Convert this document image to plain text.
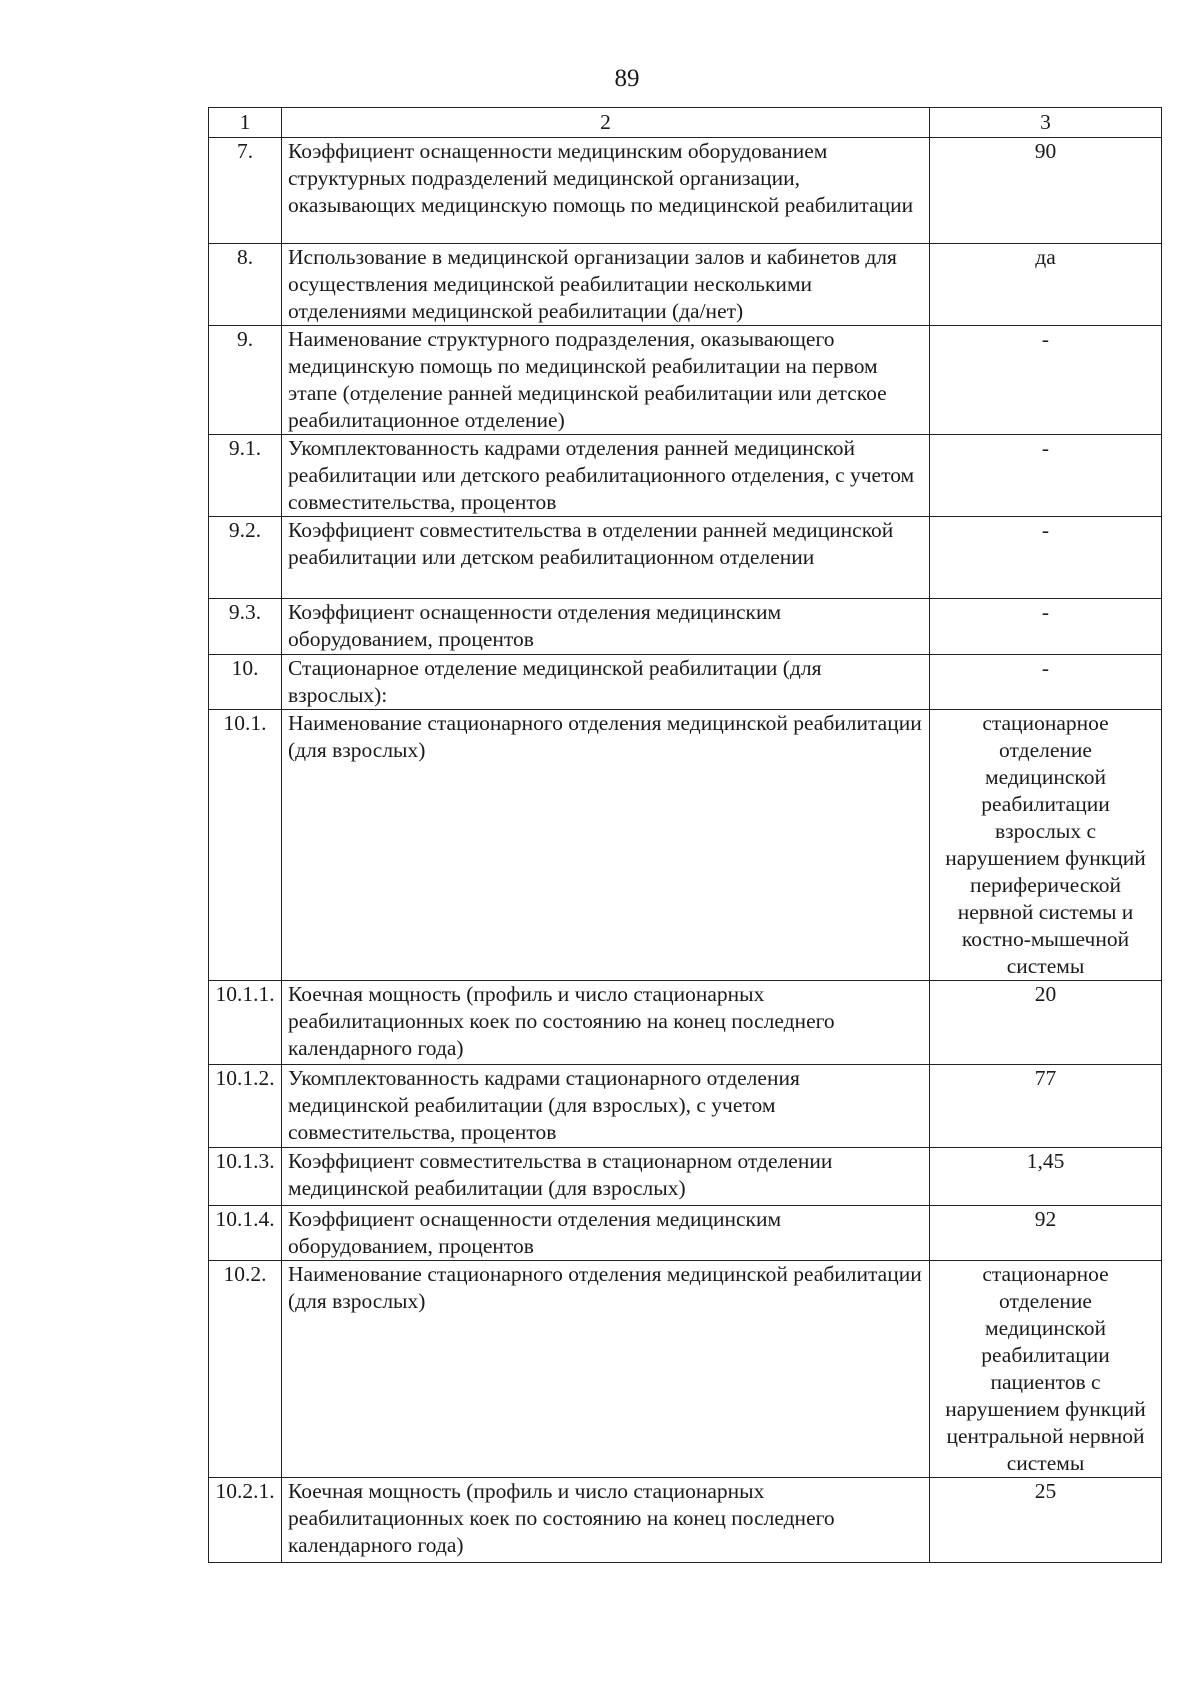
89
1	2	3
7.	Коэффициент оснащенности медицинским оборудованием структурных подразделений медицинской организации, оказывающих медицинскую помощь по медицинской реабилитации	90
8.	Использование в медицинской организации залов и кабинетов для осуществления медицинской реабилитации несколькими отделениями медицинской реабилитации (да/нет)	да
9.	Наименование структурного подразделения, оказывающего медицинскую помощь по медицинской реабилитации на первом этапе (отделение ранней медицинской реабилитации или детское реабилитационное отделение)	-
9.1.	Укомплектованность кадрами отделения ранней медицинской реабилитации или детского реабилитационного отделения, с учетом совместительства, процентов	-
9.2.	Коэффициент совместительства в отделении ранней медицинской реабилитации или детском реабилитационном отделении	-
9.3.	Коэффициент оснащенности отделения медицинским оборудованием, процентов	-
10.	Стационарное отделение медицинской реабилитации (для взрослых):	-
10.1.	Наименование стационарного отделения медицинской реабилитации (для взрослых)	стационарное отделение медицинской реабилитации взрослых с нарушением функций периферической нервной системы и костно-мышечной системы
10.1.1.	Коечная мощность (профиль и число стационарных реабилитационных коек по состоянию на конец последнего календарного года)	20
10.1.2.	Укомплектованность кадрами стационарного отделения медицинской реабилитации (для взрослых), с учетом совместительства, процентов	77
10.1.3.	Коэффициент совместительства в стационарном отделении медицинской реабилитации (для взрослых)	1,45
10.1.4.	Коэффициент оснащенности отделения медицинским оборудованием, процентов	92
10.2.	Наименование стационарного отделения медицинской реабилитации (для взрослых)	стационарное отделение медицинской реабилитации пациентов с нарушением функций центральной нервной системы
10.2.1.	Коечная мощность (профиль и число стационарных реабилитационных коек по состоянию на конец последнего календарного года)	25
